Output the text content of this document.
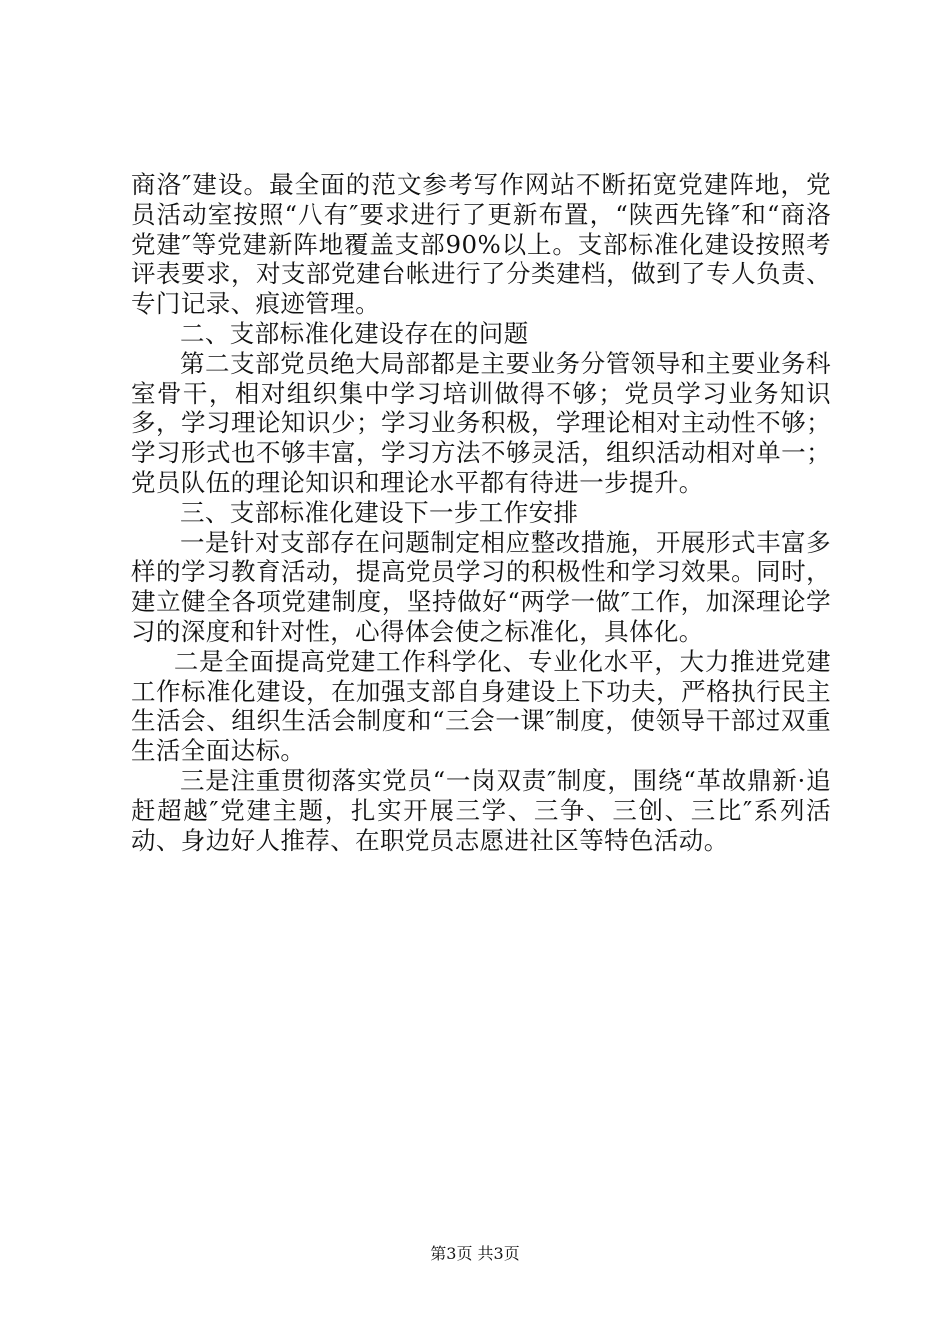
商洛″建设。最全面的范文参考写作网站不断拓宽党建阵地，党员活动室按照“八有″要求进行了更新布置，“陕西先锋″和“商洛党建″等党建新阵地覆盖支部90%以上。支部标准化建设按照考评表要求，对支部党建台帐进行了分类建档，做到了专人负责、专门记录、痕迹管理。

二、支部标准化建设存在的问题

第二支部党员绝大局部都是主要业务分管领导和主要业务科室骨干，相对组织集中学习培训做得不够；党员学习业务知识多，学习理论知识少；学习业务积极，学理论相对主动性不够；学习形式也不够丰富，学习方法不够灵活，组织活动相对单一；党员队伍的理论知识和理论水平都有待进一步提升。

三、支部标准化建设下一步工作安排

一是针对支部存在问题制定相应整改措施，开展形式丰富多样的学习教育活动，提高党员学习的积极性和学习效果。同时，建立健全各项党建制度，坚持做好“两学一做″工作，加深理论学习的深度和针对性，心得体会使之标准化，具体化。

二是全面提高党建工作科学化、专业化水平，大力推进党建工作标准化建设，在加强支部自身建设上下功夫，严格执行民主生活会、组织生活会制度和“三会一课″制度，使领导干部过双重生活全面达标。

三是注重贯彻落实党员“一岗双责″制度，围绕“革故鼎新·追赶超越″党建主题，扎实开展三学、三争、三创、三比″系列活动、身边好人推荐、在职党员志愿进社区等特色活动。

第3页 共3页
